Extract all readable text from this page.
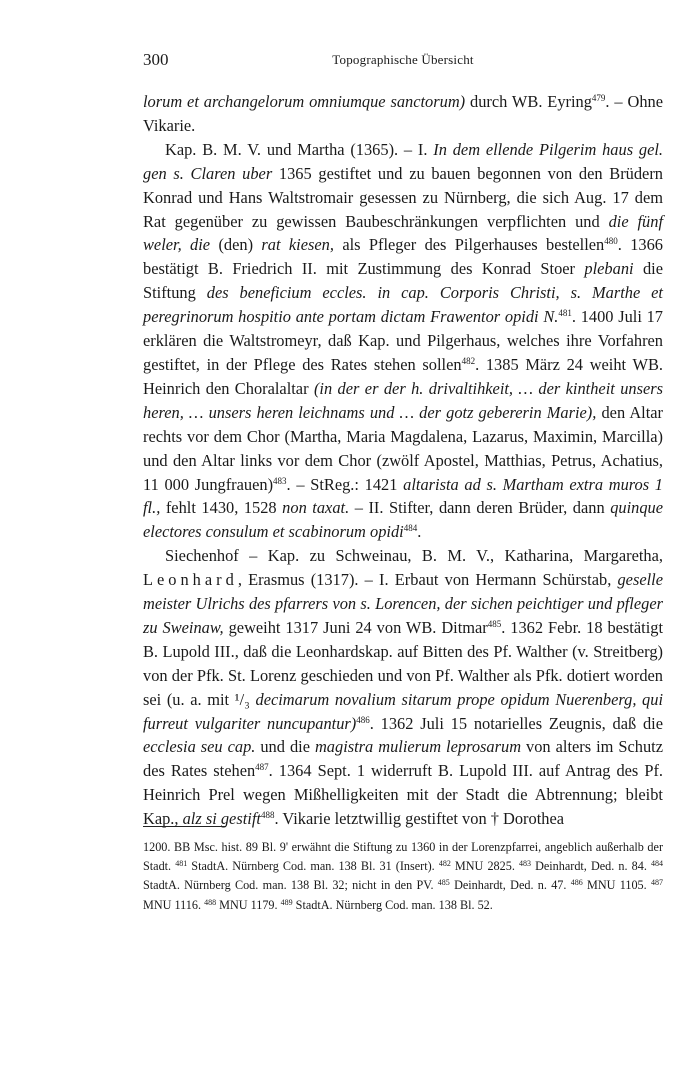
300	Topographische Übersicht

lorum et archangelorum omniumque sanctorum) durch WB. Eyring$^{479}$. – Ohne Vikarie.

Kap. B. M. V. und Martha (1365). – I. In dem ellende Pilgerim haus gel. gen s. Claren uber 1365 gestiftet und zu bauen begonnen von den Brüdern Konrad und Hans Waltstromair gesessen zu Nürnberg, die sich Aug. 17 dem Rat gegenüber zu gewissen Baubeschränkungen verpflichten und die fünf weler, die (den) rat kiesen, als Pfleger des Pilgerhauses bestellen$^{480}$. 1366 bestätigt B. Friedrich II. mit Zustimmung des Konrad Stoer plebani die Stiftung des beneficium eccles. in cap. Corporis Christi, s. Marthe et peregrinorum hospitio ante portam dictam Frawentor opidi N.$^{481}$. 1400 Juli 17 erklären die Waltstromeyr, daß Kap. und Pilgerhaus, welches ihre Vorfahren gestiftet, in der Pflege des Rates stehen sollen$^{482}$. 1385 März 24 weiht WB. Heinrich den Choralaltar (in der er der h. drivaltihkeit, … der kintheit unsers heren, … unsers heren leichnams und … der gotz gebererin Marie), den Altar rechts vor dem Chor (Martha, Maria Magdalena, Lazarus, Maximin, Marcilla) und den Altar links vor dem Chor (zwölf Apostel, Matthias, Petrus, Achatius, 11 000 Jungfrauen)$^{483}$. – StReg.: 1421 altarista ad s. Martham extra muros 1 fl., fehlt 1430, 1528 non taxat. – II. Stifter, dann deren Brüder, dann quinque electores consulum et scabinorum opidi$^{484}$.

Siechenhof – Kap. zu Schweinau, B. M. V., Katharina, Margaretha, Leonhard, Erasmus (1317). – I. Erbaut von Hermann Schürstab, geselle meister Ulrichs des pfarrers von s. Lorencen, der sichen peichtiger und pfleger zu Sweinaw, geweiht 1317 Juni 24 von WB. Ditmar$^{485}$. 1362 Febr. 18 bestätigt B. Lupold III., daß die Leonhardskap. auf Bitten des Pf. Walther (v. Streitberg) von der Pfk. St. Lorenz geschieden und von Pf. Walther als Pfk. dotiert worden sei (u. a. mit ¹/₃ decimarum novalium sitarum prope opidum Nuerenberg, qui furreut vulgariter nuncupantur)$^{486}$. 1362 Juli 15 notarielles Zeugnis, daß die ecclesia seu cap. und die magistra mulierum leprosarum von alters im Schutz des Rates stehen$^{487}$. 1364 Sept. 1 widerruft B. Lupold III. auf Antrag des Pf. Heinrich Prel wegen Mißhelligkeiten mit der Stadt die Abtrennung; bleibt Kap., alz si gestift$^{488}$. Vikarie letztwillig gestiftet von † Dorothea

1200. BB Msc. hist. 89 Bl. 9' erwähnt die Stiftung zu 1360 in der Lorenzpfarrei, angeblich außerhalb der Stadt. $^{481}$ StadtA. Nürnberg Cod. man. 138 Bl. 31 (Insert). $^{482}$ MNU 2825. $^{483}$ Deinhardt, Ded. n. 84. $^{484}$ StadtA. Nürnberg Cod. man. 138 Bl. 32; nicht in den PV. $^{485}$ Deinhardt, Ded. n. 47. $^{486}$ MNU 1105. $^{487}$ MNU 1116. $^{488}$ MNU 1179. $^{489}$ StadtA. Nürnberg Cod. man. 138 Bl. 52.
